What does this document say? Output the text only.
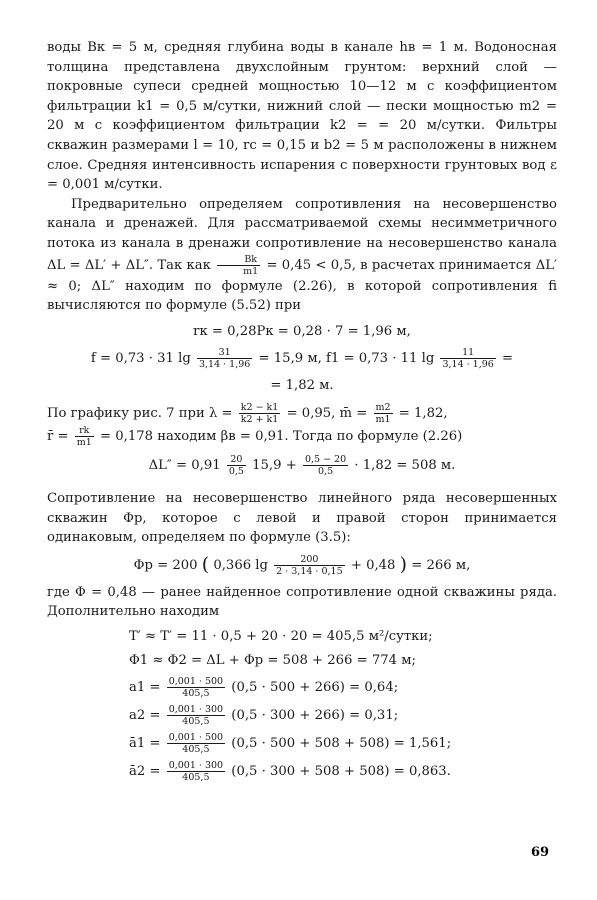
воды Bк = 5 м, средняя глубина воды в канале hв = 1 м. Водоносная толщина представлена двухслойным грунтом: верхний слой — покровные супеси средней мощностью 10—12 м с коэффициентом фильтрации k1 = 0,5 м/сутки, нижний слой — пески мощностью m2 = 20 м с коэффициентом фильтрации k2 = = 20 м/сутки. Фильтры скважин размерами l = 10, rc = 0,15 и b2 = 5 м расположены в нижнем слое. Средняя интенсивность испарения с поверхности грунтовых вод ε = 0,001 м/сутки.

Предварительно определяем сопротивления на несовершенство канала и дренажей. Для рассматриваемой схемы несимметричного потока из канала в дренажи сопротивление на несовершенство канала ΔL = ΔL′ + ΔL″. Так как $\frac{Bk}{m1} = 0,45 < 0,5$, в расчетах принимается ΔL′ ≈ 0; ΔL″ находим по формуле (2.26), в которой сопротивления fi вычисляются по формуле (5.52) при

rк = 0,28Pк = 0,28 · 7 = 1,96 м,
f = 0,73 · 31 $\lg \frac{31}{3,14 \cdot 1,96} = 15,9$ м, f1 = 0,73 · 11 $\lg \frac{11}{3,14 \cdot 1,96}$ =
= 1,82 м.

По графику рис. 7 при $\lambda = \frac{k2 - k1}{k2 + k1} = 0,95$, m̄ = $\frac{m2}{m1} = 1,82$,
r̄ = $\frac{rk}{m1} = 0,178$ находим βв = 0,91. Тогда по формуле (2.26)

$\Delta L'' = 0,91 \frac{20}{0,5} 15,9 + \frac{0,5 - 20}{0,5} \cdot 1,82 = 508$ м.

Сопротивление на несовершенство линейного ряда несовершенных скважин Φр, которое с левой и правой сторон принимается одинаковым, определяем по формуле (3.5):

Φр = 200 ( 0,366 $\lg \frac{200}{2 \cdot 3,14 \cdot 0,15} + 0,48$ ) = 266 м,

где Φ = 0,48 — ранее найденное сопротивление одной скважины ряда. Дополнительно находим

T′ ≈ T′ = 11 · 0,5 + 20 · 20 = 405,5 м²/сутки;
Φ1 ≈ Φ2 = ΔL + Φр = 508 + 266 = 774 м;
$a1 = \frac{0,001 \cdot 500}{405,5} (0,5 \cdot 500 + 266) = 0,64$;
$a2 = \frac{0,001 \cdot 300}{405,5} (0,5 \cdot 300 + 266) = 0,31$;
ā1 = $\frac{0,001 \cdot 500}{405,5} (0,5 \cdot 500 + 508 + 508) = 1,561$;
ā2 = $\frac{0,001 \cdot 300}{405,5} (0,5 \cdot 300 + 508 + 508) = 0,863$.
69
